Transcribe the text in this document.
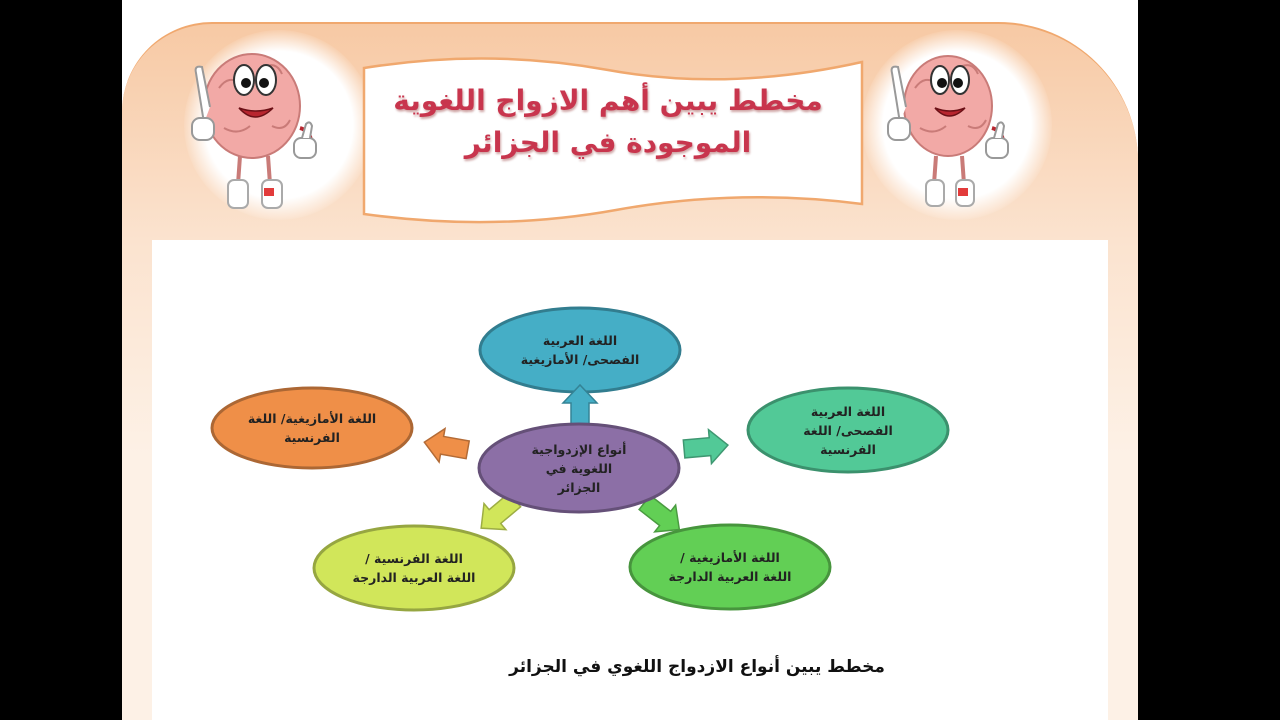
مخطط يبين أهم الازواج اللغوية
الموجودة في الجزائر
أنواع الإزدواجية اللغوية في الجزائر
اللغة العربية الفصحى/ الأمازيغية
اللغة العربية الفصحى/ اللغة الفرنسية
اللغة الأمازيغية / اللغة العربية الدارجة
اللغة الفرنسية / اللغة العربية الدارجة
اللغة الأمازيغية/ اللغة الفرنسية
مخطط يبين أنواع الازدواج اللغوي في الجزائر
